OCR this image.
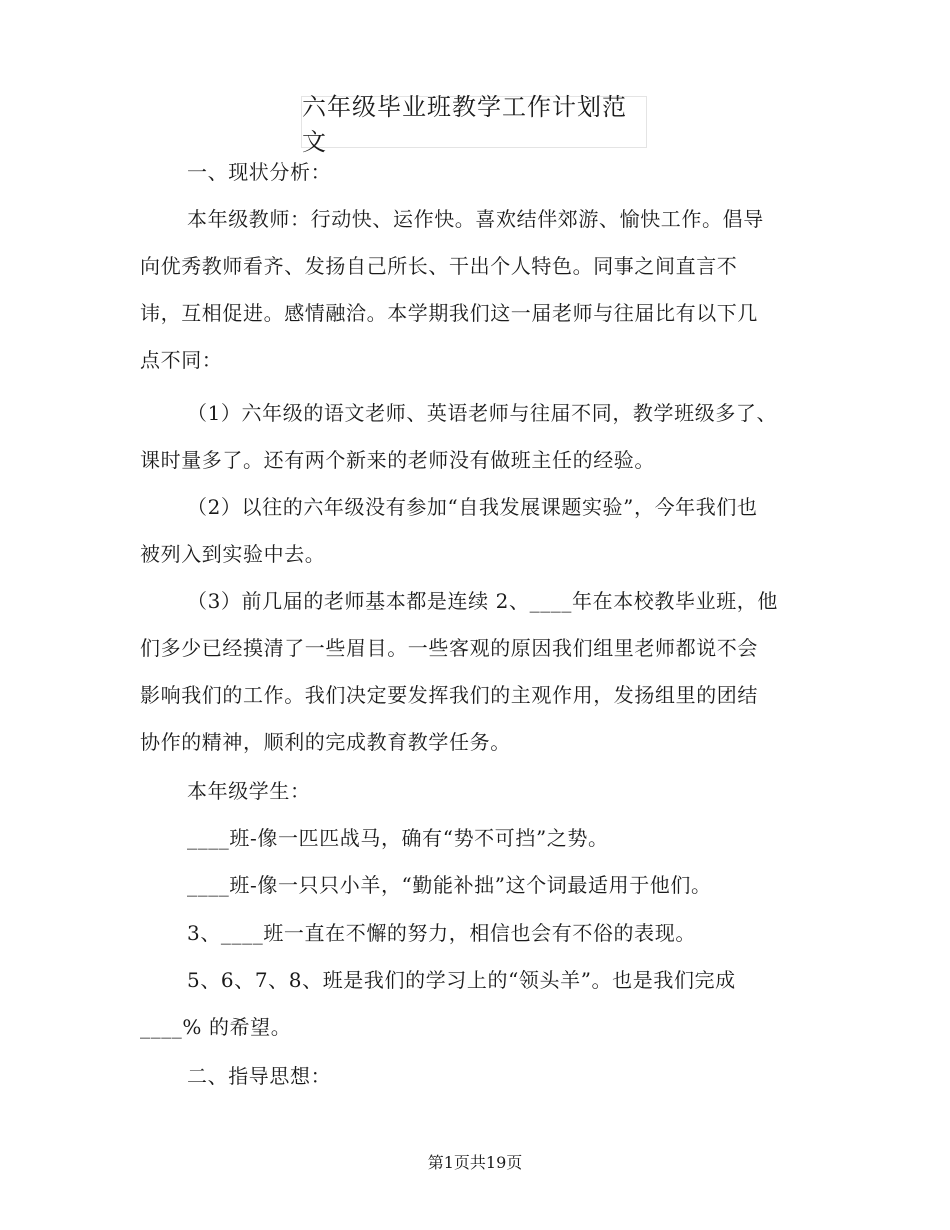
六年级毕业班教学工作计划范文
一、现状分析：
本年级教师：行动快、运作快。喜欢结伴郊游、愉快工作。倡导
向优秀教师看齐、发扬自己所长、干出个人特色。同事之间直言不
讳，互相促进。感情融洽。本学期我们这一届老师与往届比有以下几
点不同：
（1）六年级的语文老师、英语老师与往届不同，教学班级多了、
课时量多了。还有两个新来的老师没有做班主任的经验。
（2）以往的六年级没有参加“自我发展课题实验”，今年我们也
被列入到实验中去。
（3）前几届的老师基本都是连续 2、____年在本校教毕业班，他
们多少已经摸清了一些眉目。一些客观的原因我们组里老师都说不会
影响我们的工作。我们决定要发挥我们的主观作用，发扬组里的团结
协作的精神，顺利的完成教育教学任务。
本年级学生：
____班-像一匹匹战马，确有“势不可挡”之势。
____班-像一只只小羊，“勤能补拙”这个词最适用于他们。
3、____班一直在不懈的努力，相信也会有不俗的表现。
5、6、7、8、班是我们的学习上的“领头羊”。也是我们完成
____% 的希望。
二、指导思想：
第1页共19页
